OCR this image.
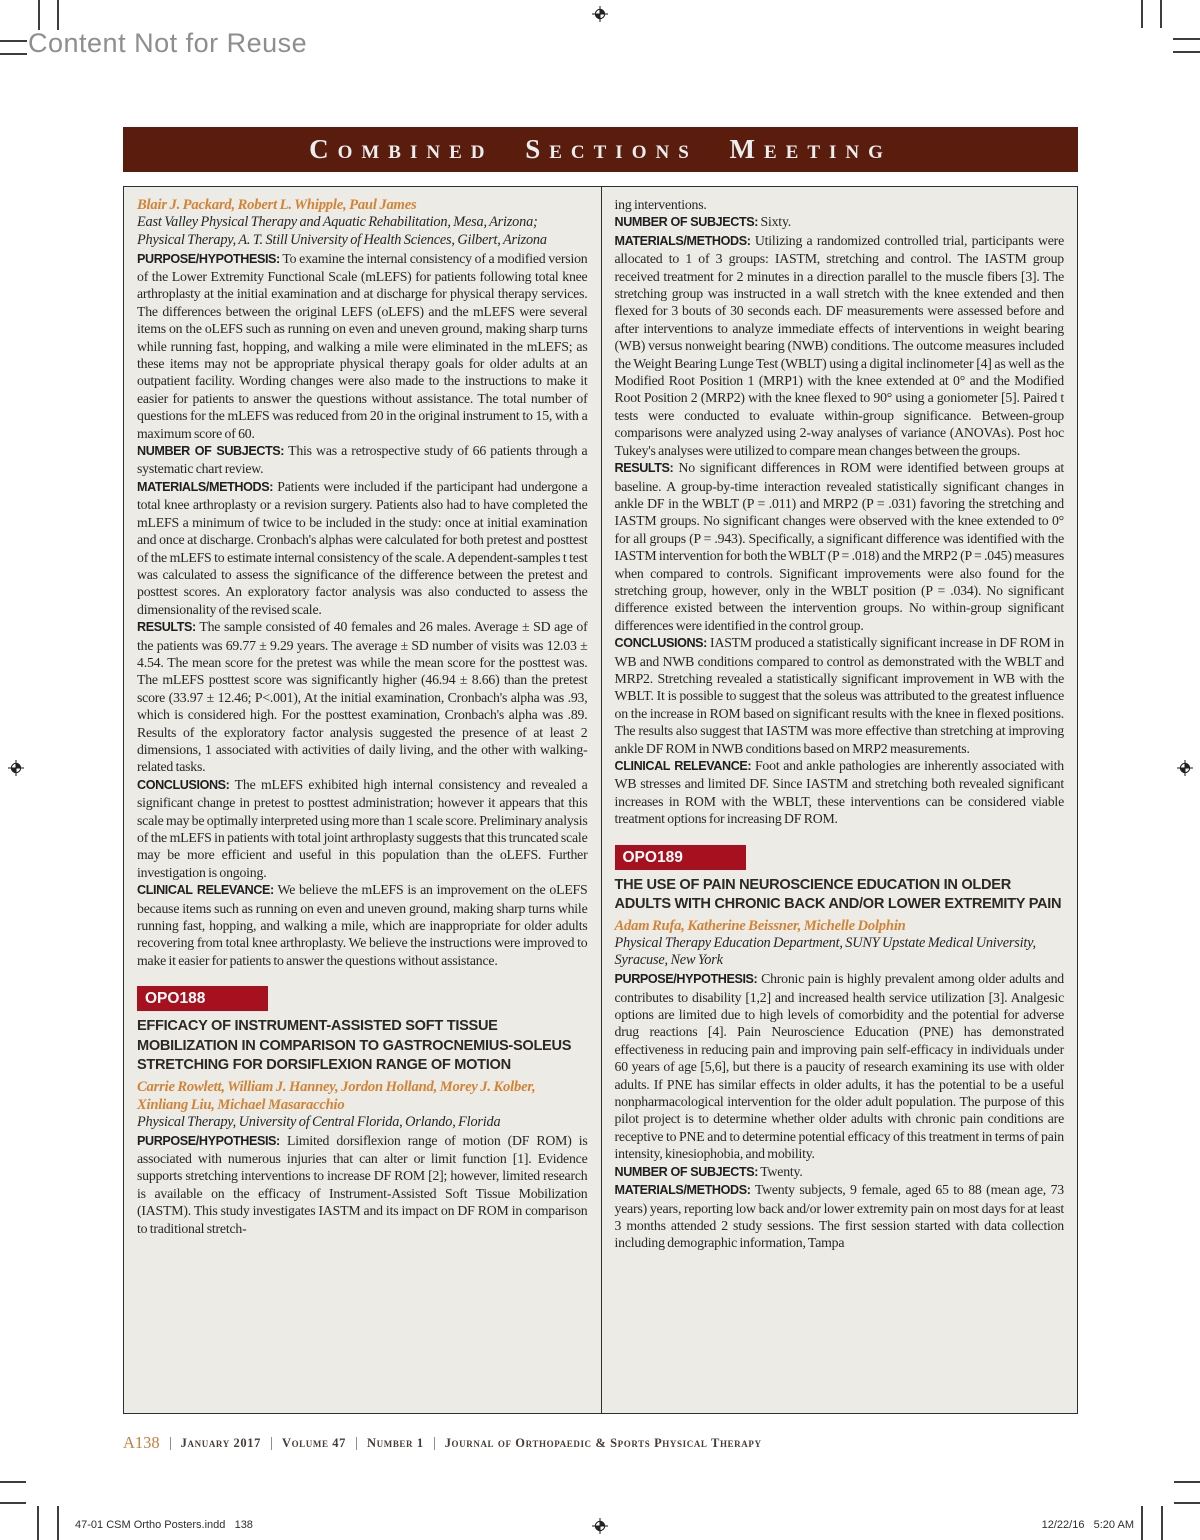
Content Not for Reuse
47-01 CSM Ortho Posters.indd   138	12/22/16   5:20 AM
Combined Sections Meeting
Blair J. Packard, Robert L. Whipple, Paul James
East Valley Physical Therapy and Aquatic Rehabilitation, Mesa, Arizona; Physical Therapy, A. T. Still University of Health Sciences, Gilbert, Arizona

PURPOSE/HYPOTHESIS: To examine the internal consistency of a modified version of the Lower Extremity Functional Scale (mLEFS) for patients following total knee arthroplasty at the initial examination and at discharge for physical therapy services. The differences between the original LEFS (oLEFS) and the mLEFS were several items on the oLEFS such as running on even and uneven ground, making sharp turns while running fast, hopping, and walking a mile were eliminated in the mLEFS; as these items may not be appropriate physical therapy goals for older adults at an outpatient facility. Wording changes were also made to the instructions to make it easier for patients to answer the questions without assistance. The total number of questions for the mLEFS was reduced from 20 in the original instrument to 15, with a maximum score of 60.

NUMBER OF SUBJECTS: This was a retrospective study of 66 patients through a systematic chart review.

MATERIALS/METHODS: Patients were included if the participant had undergone a total knee arthroplasty or a revision surgery. Patients also had to have completed the mLEFS a minimum of twice to be included in the study: once at initial examination and once at discharge. Cronbach's alphas were calculated for both pretest and posttest of the mLEFS to estimate internal consistency of the scale. A dependent-samples t test was calculated to assess the significance of the difference between the pretest and posttest scores. An exploratory factor analysis was also conducted to assess the dimensionality of the revised scale.

RESULTS: The sample consisted of 40 females and 26 males. Average ± SD age of the patients was 69.77 ± 9.29 years. The average ± SD number of visits was 12.03 ± 4.54. The mean score for the pretest was while the mean score for the posttest was. The mLEFS posttest score was significantly higher (46.94 ± 8.66) than the pretest score (33.97 ± 12.46; P<.001), At the initial examination, Cronbach's alpha was .93, which is considered high. For the posttest examination, Cronbach's alpha was .89. Results of the exploratory factor analysis suggested the presence of at least 2 dimensions, 1 associated with activities of daily living, and the other with walking-related tasks.

CONCLUSIONS: The mLEFS exhibited high internal consistency and revealed a significant change in pretest to posttest administration; however it appears that this scale may be optimally interpreted using more than 1 scale score. Preliminary analysis of the mLEFS in patients with total joint arthroplasty suggests that this truncated scale may be more efficient and useful in this population than the oLEFS. Further investigation is ongoing.

CLINICAL RELEVANCE: We believe the mLEFS is an improvement on the oLEFS because items such as running on even and uneven ground, making sharp turns while running fast, hopping, and walking a mile, which are inappropriate for older adults recovering from total knee arthroplasty. We believe the instructions were improved to make it easier for patients to answer the questions without assistance.

OPO188
EFFICACY OF INSTRUMENT-ASSISTED SOFT TISSUE MOBILIZATION IN COMPARISON TO GASTROCNEMIUS-SOLEUS STRETCHING FOR DORSIFLEXION RANGE OF MOTION
Carrie Rowlett, William J. Hanney, Jordon Holland, Morey J. Kolber, Xinliang Liu, Michael Masaracchio
Physical Therapy, University of Central Florida, Orlando, Florida

PURPOSE/HYPOTHESIS: Limited dorsiflexion range of motion (DF ROM) is associated with numerous injuries that can alter or limit function [1]. Evidence supports stretching interventions to increase DF ROM [2]; however, limited research is available on the efficacy of Instrument-Assisted Soft Tissue Mobilization (IASTM). This study investigates IASTM and its impact on DF ROM in comparison to traditional stretch-

ing interventions.

NUMBER OF SUBJECTS: Sixty.

MATERIALS/METHODS: Utilizing a randomized controlled trial, participants were allocated to 1 of 3 groups: IASTM, stretching and control. The IASTM group received treatment for 2 minutes in a direction parallel to the muscle fibers [3]. The stretching group was instructed in a wall stretch with the knee extended and then flexed for 3 bouts of 30 seconds each. DF measurements were assessed before and after interventions to analyze immediate effects of interventions in weight bearing (WB) versus nonweight bearing (NWB) conditions. The outcome measures included the Weight Bearing Lunge Test (WBLT) using a digital inclinometer [4] as well as the Modified Root Position 1 (MRP1) with the knee extended at 0° and the Modified Root Position 2 (MRP2) with the knee flexed to 90° using a goniometer [5]. Paired t tests were conducted to evaluate within-group significance. Between-group comparisons were analyzed using 2-way analyses of variance (ANOVAs). Post hoc Tukey's analyses were utilized to compare mean changes between the groups.

RESULTS: No significant differences in ROM were identified between groups at baseline. A group-by-time interaction revealed statistically significant changes in ankle DF in the WBLT (P = .011) and MRP2 (P = .031) favoring the stretching and IASTM groups. No significant changes were observed with the knee extended to 0° for all groups (P = .943). Specifically, a significant difference was identified with the IASTM intervention for both the WBLT (P = .018) and the MRP2 (P = .045) measures when compared to controls. Significant improvements were also found for the stretching group, however, only in the WBLT position (P = .034). No significant difference existed between the intervention groups. No within-group significant differences were identified in the control group.

CONCLUSIONS: IASTM produced a statistically significant increase in DF ROM in WB and NWB conditions compared to control as demonstrated with the WBLT and MRP2. Stretching revealed a statistically significant improvement in WB with the WBLT. It is possible to suggest that the soleus was attributed to the greatest influence on the increase in ROM based on significant results with the knee in flexed positions. The results also suggest that IASTM was more effective than stretching at improving ankle DF ROM in NWB conditions based on MRP2 measurements.

CLINICAL RELEVANCE: Foot and ankle pathologies are inherently associated with WB stresses and limited DF. Since IASTM and stretching both revealed significant increases in ROM with the WBLT, these interventions can be considered viable treatment options for increasing DF ROM.

OPO189
THE USE OF PAIN NEUROSCIENCE EDUCATION IN OLDER ADULTS WITH CHRONIC BACK AND/OR LOWER EXTREMITY PAIN
Adam Rufa, Katherine Beissner, Michelle Dolphin
Physical Therapy Education Department, SUNY Upstate Medical University, Syracuse, New York

PURPOSE/HYPOTHESIS: Chronic pain is highly prevalent among older adults and contributes to disability [1,2] and increased health service utilization [3]. Analgesic options are limited due to high levels of comorbidity and the potential for adverse drug reactions [4]. Pain Neuroscience Education (PNE) has demonstrated effectiveness in reducing pain and improving pain self-efficacy in individuals under 60 years of age [5,6], but there is a paucity of research examining its use with older adults. If PNE has similar effects in older adults, it has the potential to be a useful nonpharmacological intervention for the older adult population. The purpose of this pilot project is to determine whether older adults with chronic pain conditions are receptive to PNE and to determine potential efficacy of this treatment in terms of pain intensity, kinesiophobia, and mobility.

NUMBER OF SUBJECTS: Twenty.

MATERIALS/METHODS: Twenty subjects, 9 female, aged 65 to 88 (mean age, 73 years) years, reporting low back and/or lower extremity pain on most days for at least 3 months attended 2 study sessions. The first session started with data collection including demographic information, Tampa

A138 January 2017 Volume 47 Number 1 Journal of Orthopaedic & Sports Physical Therapy
